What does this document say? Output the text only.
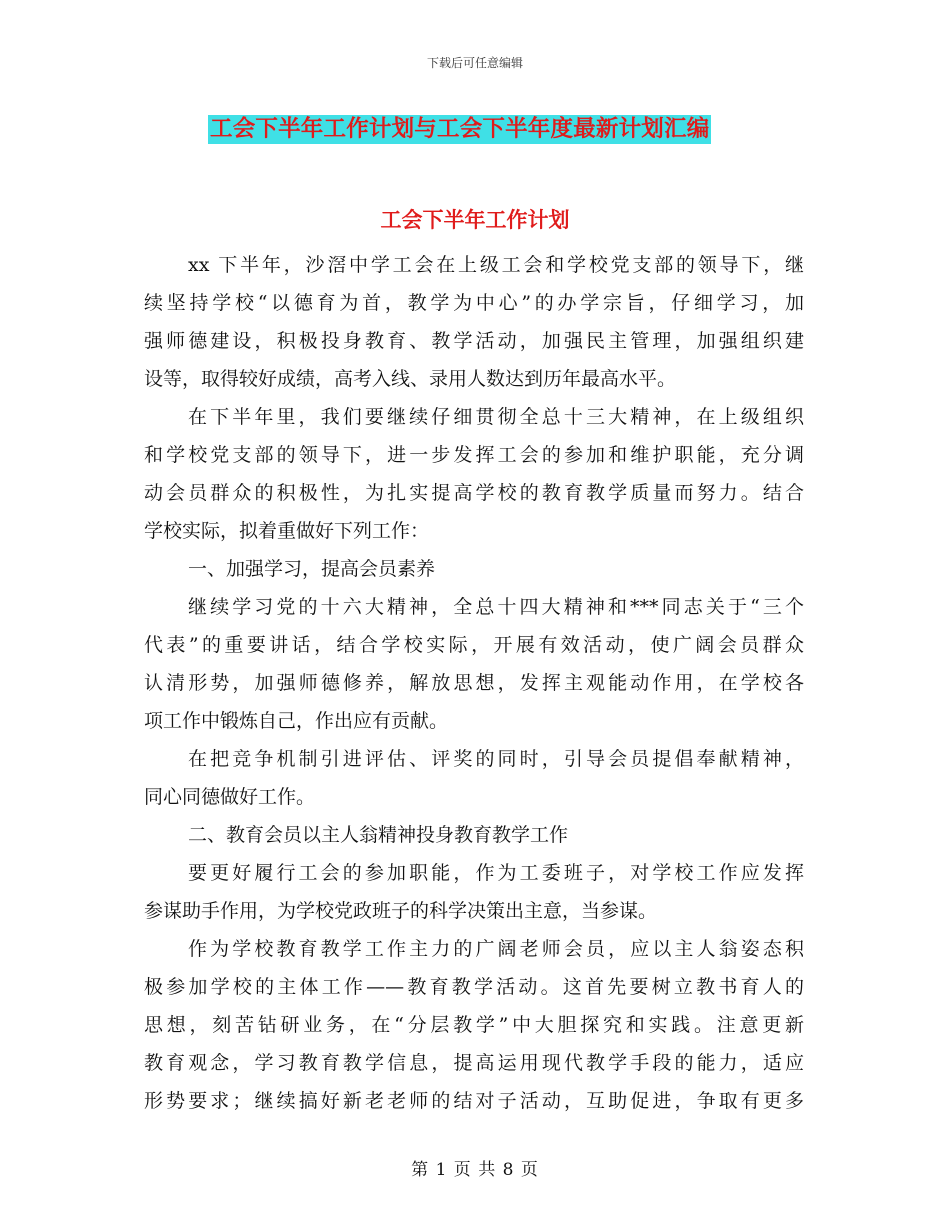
下载后可任意编辑
工会下半年工作计划与工会下半年度最新计划汇编
工会下半年工作计划
xx 下半年，沙滘中学工会在上级工会和学校党支部的领导下，继
续坚持学校“以德育为首，教学为中心”的办学宗旨，仔细学习，加
强师德建设，积极投身教育、教学活动，加强民主管理，加强组织建
设等，取得较好成绩，高考入线、录用人数达到历年最高水平。
在下半年里，我们要继续仔细贯彻全总十三大精神，在上级组织
和学校党支部的领导下，进一步发挥工会的参加和维护职能，充分调
动会员群众的积极性，为扎实提高学校的教育教学质量而努力。结合
学校实际，拟着重做好下列工作：
一、加强学习，提高会员素养
继续学习党的十六大精神，全总十四大精神和***同志关于“三个
代表”的重要讲话，结合学校实际，开展有效活动，使广阔会员群众
认清形势，加强师德修养，解放思想，发挥主观能动作用，在学校各
项工作中锻炼自己，作出应有贡献。
在把竞争机制引进评估、评奖的同时，引导会员提倡奉献精神，
同心同德做好工作。
二、教育会员以主人翁精神投身教育教学工作
要更好履行工会的参加职能，作为工委班子，对学校工作应发挥
参谋助手作用，为学校党政班子的科学决策出主意，当参谋。
作为学校教育教学工作主力的广阔老师会员，应以主人翁姿态积
极参加学校的主体工作——教育教学活动。这首先要树立教书育人的
思想，刻苦钻研业务，在“分层教学”中大胆探究和实践。注意更新
教育观念，学习教育教学信息，提高运用现代教学手段的能力，适应
形势要求；继续搞好新老老师的结对子活动，互助促进，争取有更多
第 1 页 共 8 页
